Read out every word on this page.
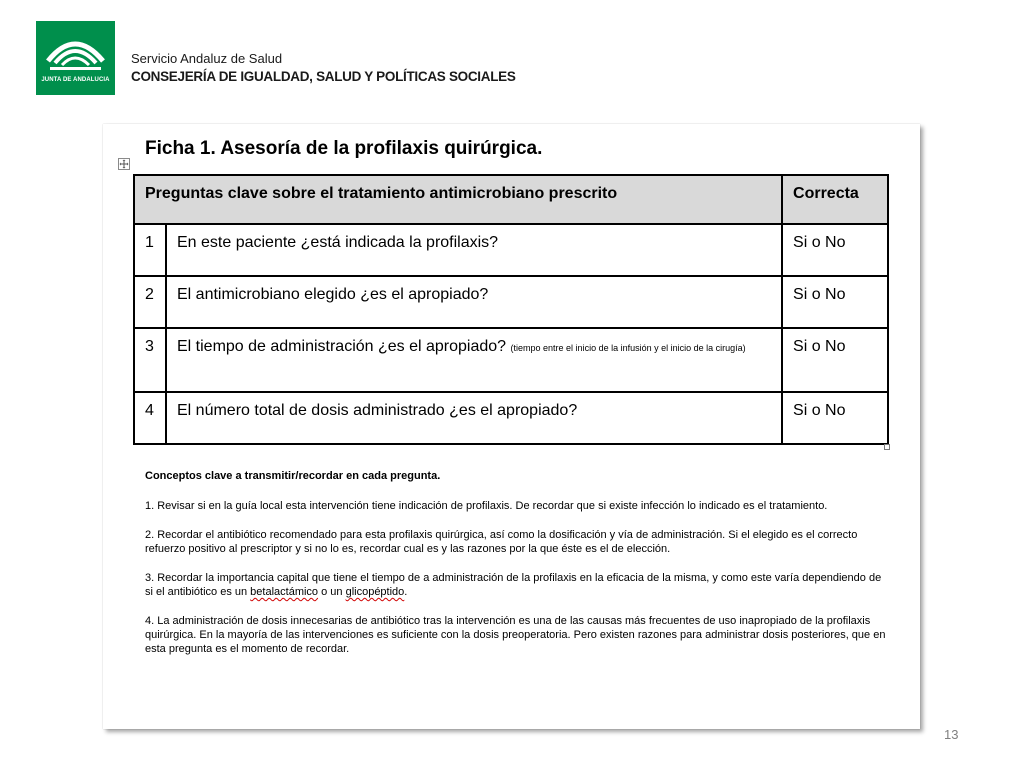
JUNTA DE ANDALUCIA
Servicio Andaluz de Salud
CONSEJERÍA DE IGUALDAD, SALUD Y POLÍTICAS SOCIALES
Ficha 1. Asesoría de la profilaxis quirúrgica.
Preguntas clave sobre el tratamiento antimicrobiano prescrito		Correcta
1	En este paciente ¿está indicada la profilaxis?	Si o No
2	El antimicrobiano elegido ¿es el apropiado?	Si o No
3	El tiempo de administración ¿es el apropiado? (tiempo entre el inicio de la infusión y el inicio de la cirugía)	Si o No
4	El número total de dosis administrado ¿es el apropiado?	Si o No
Conceptos clave a transmitir/recordar en cada pregunta.
1. Revisar si en la guía local esta intervención tiene indicación de profilaxis. De recordar que si existe infección lo indicado es el tratamiento.
2. Recordar el antibiótico recomendado para esta profilaxis quirúrgica, así como la dosificación y vía de administración. Si el elegido es el correcto refuerzo positivo al prescriptor y si no lo es, recordar cual es y las razones por la que éste es el de elección.
3. Recordar la importancia capital que tiene el tiempo de a administración de la profilaxis en la eficacia de la misma, y como este varía dependiendo de si el antibiótico es un betalactámico o un glicopéptido.
4. La administración de dosis innecesarias de antibiótico tras la intervención es una de las causas más frecuentes de uso inapropiado de la profilaxis quirúrgica. En la mayoría de las intervenciones es suficiente con la dosis preoperatoria. Pero existen razones para administrar dosis posteriores, que en esta pregunta es el momento de recordar.
13
